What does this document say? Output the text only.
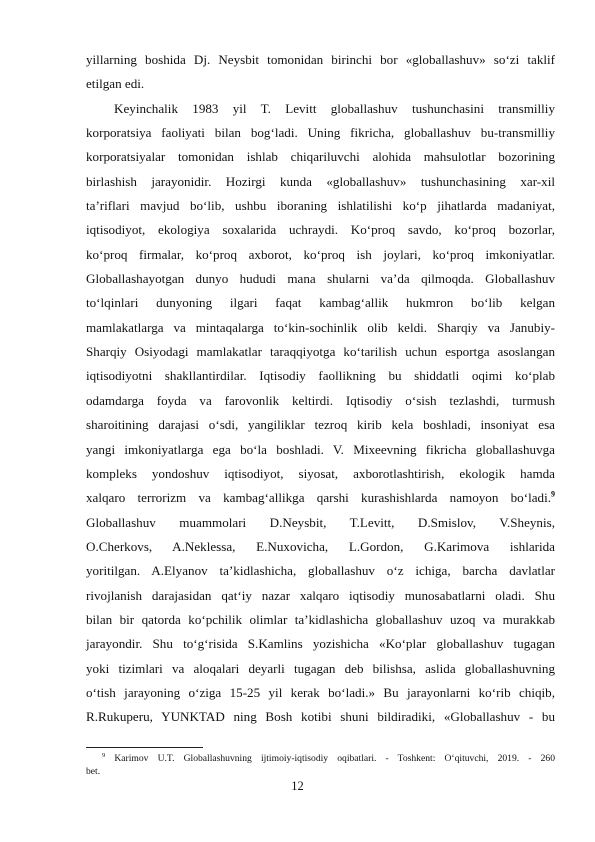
yillarning boshida Dj. Neysbit tomonidan birinchi bor «globallashuv» so‘zi taklif
etilgan edi.
Keyinchalik 1983 yil T. Levitt globallashuv tushunchasini transmilliy
korporatsiya faoliyati bilan bog‘ladi. Uning fikricha, globallashuv bu-transmilliy
korporatsiyalar tomonidan ishlab chiqariluvchi alohida mahsulotlar bozorining
birlashish jarayonidir. Hozirgi kunda «globallashuv» tushunchasining xar-xil
ta’riflari mavjud bo‘lib, ushbu iboraning ishlatilishi ko‘p jihatlarda madaniyat,
iqtisodiyot, ekologiya soxalarida uchraydi. Ko‘proq savdo, ko‘proq bozorlar,
ko‘proq firmalar, ko‘proq axborot, ko‘proq ish joylari, ko‘proq imkoniyatlar.
Globallashayotgan dunyo hududi mana shularni va’da qilmoqda. Globallashuv
to‘lqinlari dunyoning ilgari faqat kambag‘allik hukmron bo‘lib kelgan
mamlakatlarga va mintaqalarga to‘kin-sochinlik olib keldi. Sharqiy va Janubiy-
Sharqiy Osiyodagi mamlakatlar taraqqiyotga ko‘tarilish uchun esportga asoslangan
iqtisodiyotni shakllantirdilar. Iqtisodiy faollikning bu shiddatli oqimi ko‘plab
odamdarga foyda va farovonlik keltirdi. Iqtisodiy o‘sish tezlashdi, turmush
sharoitining darajasi o‘sdi, yangiliklar tezroq kirib kela boshladi, insoniyat esa
yangi imkoniyatlarga ega bo‘la boshladi. V. Mixeevning fikricha globallashuvga
kompleks yondoshuv iqtisodiyot, siyosat, axborotlashtirish, ekologik hamda
xalqaro terrorizm va kambag‘allikga qarshi kurashishlarda namoyon bo‘ladi.$^9$
Globallashuv muammolari D.Neysbit, T.Levitt, D.Smislov, V.Sheynis,
O.Cherkovs, A.Neklessa, E.Nuxovicha, L.Gordon, G.Karimova ishlarida
yoritilgan. A.Elyanov ta’kidlashicha, globallashuv o‘z ichiga, barcha davlatlar
rivojlanish darajasidan qat‘iy nazar xalqaro iqtisodiy munosabatlarni oladi. Shu
bilan bir qatorda ko‘pchilik olimlar ta’kidlashicha globallashuv uzoq va murakkab
jarayondir. Shu to‘g‘risida S.Kamlins yozishicha «Ko‘plar globallashuv tugagan
yoki tizimlari va aloqalari deyarli tugagan deb bilishsa, aslida globallashuvning
o‘tish jarayoning o‘ziga 15-25 yil kerak bo‘ladi.» Bu jarayonlarni ko‘rib chiqib,
R.Rukuperu, YUNKTAD ning Bosh kotibi shuni bildiradiki, «Globallashuv - bu
$^9$ Karimov U.T. Globallashuvning ijtimoiy-iqtisodiy oqibatlari. - Toshkent: O‘qituvchi, 2019. - 260
bet.
12
